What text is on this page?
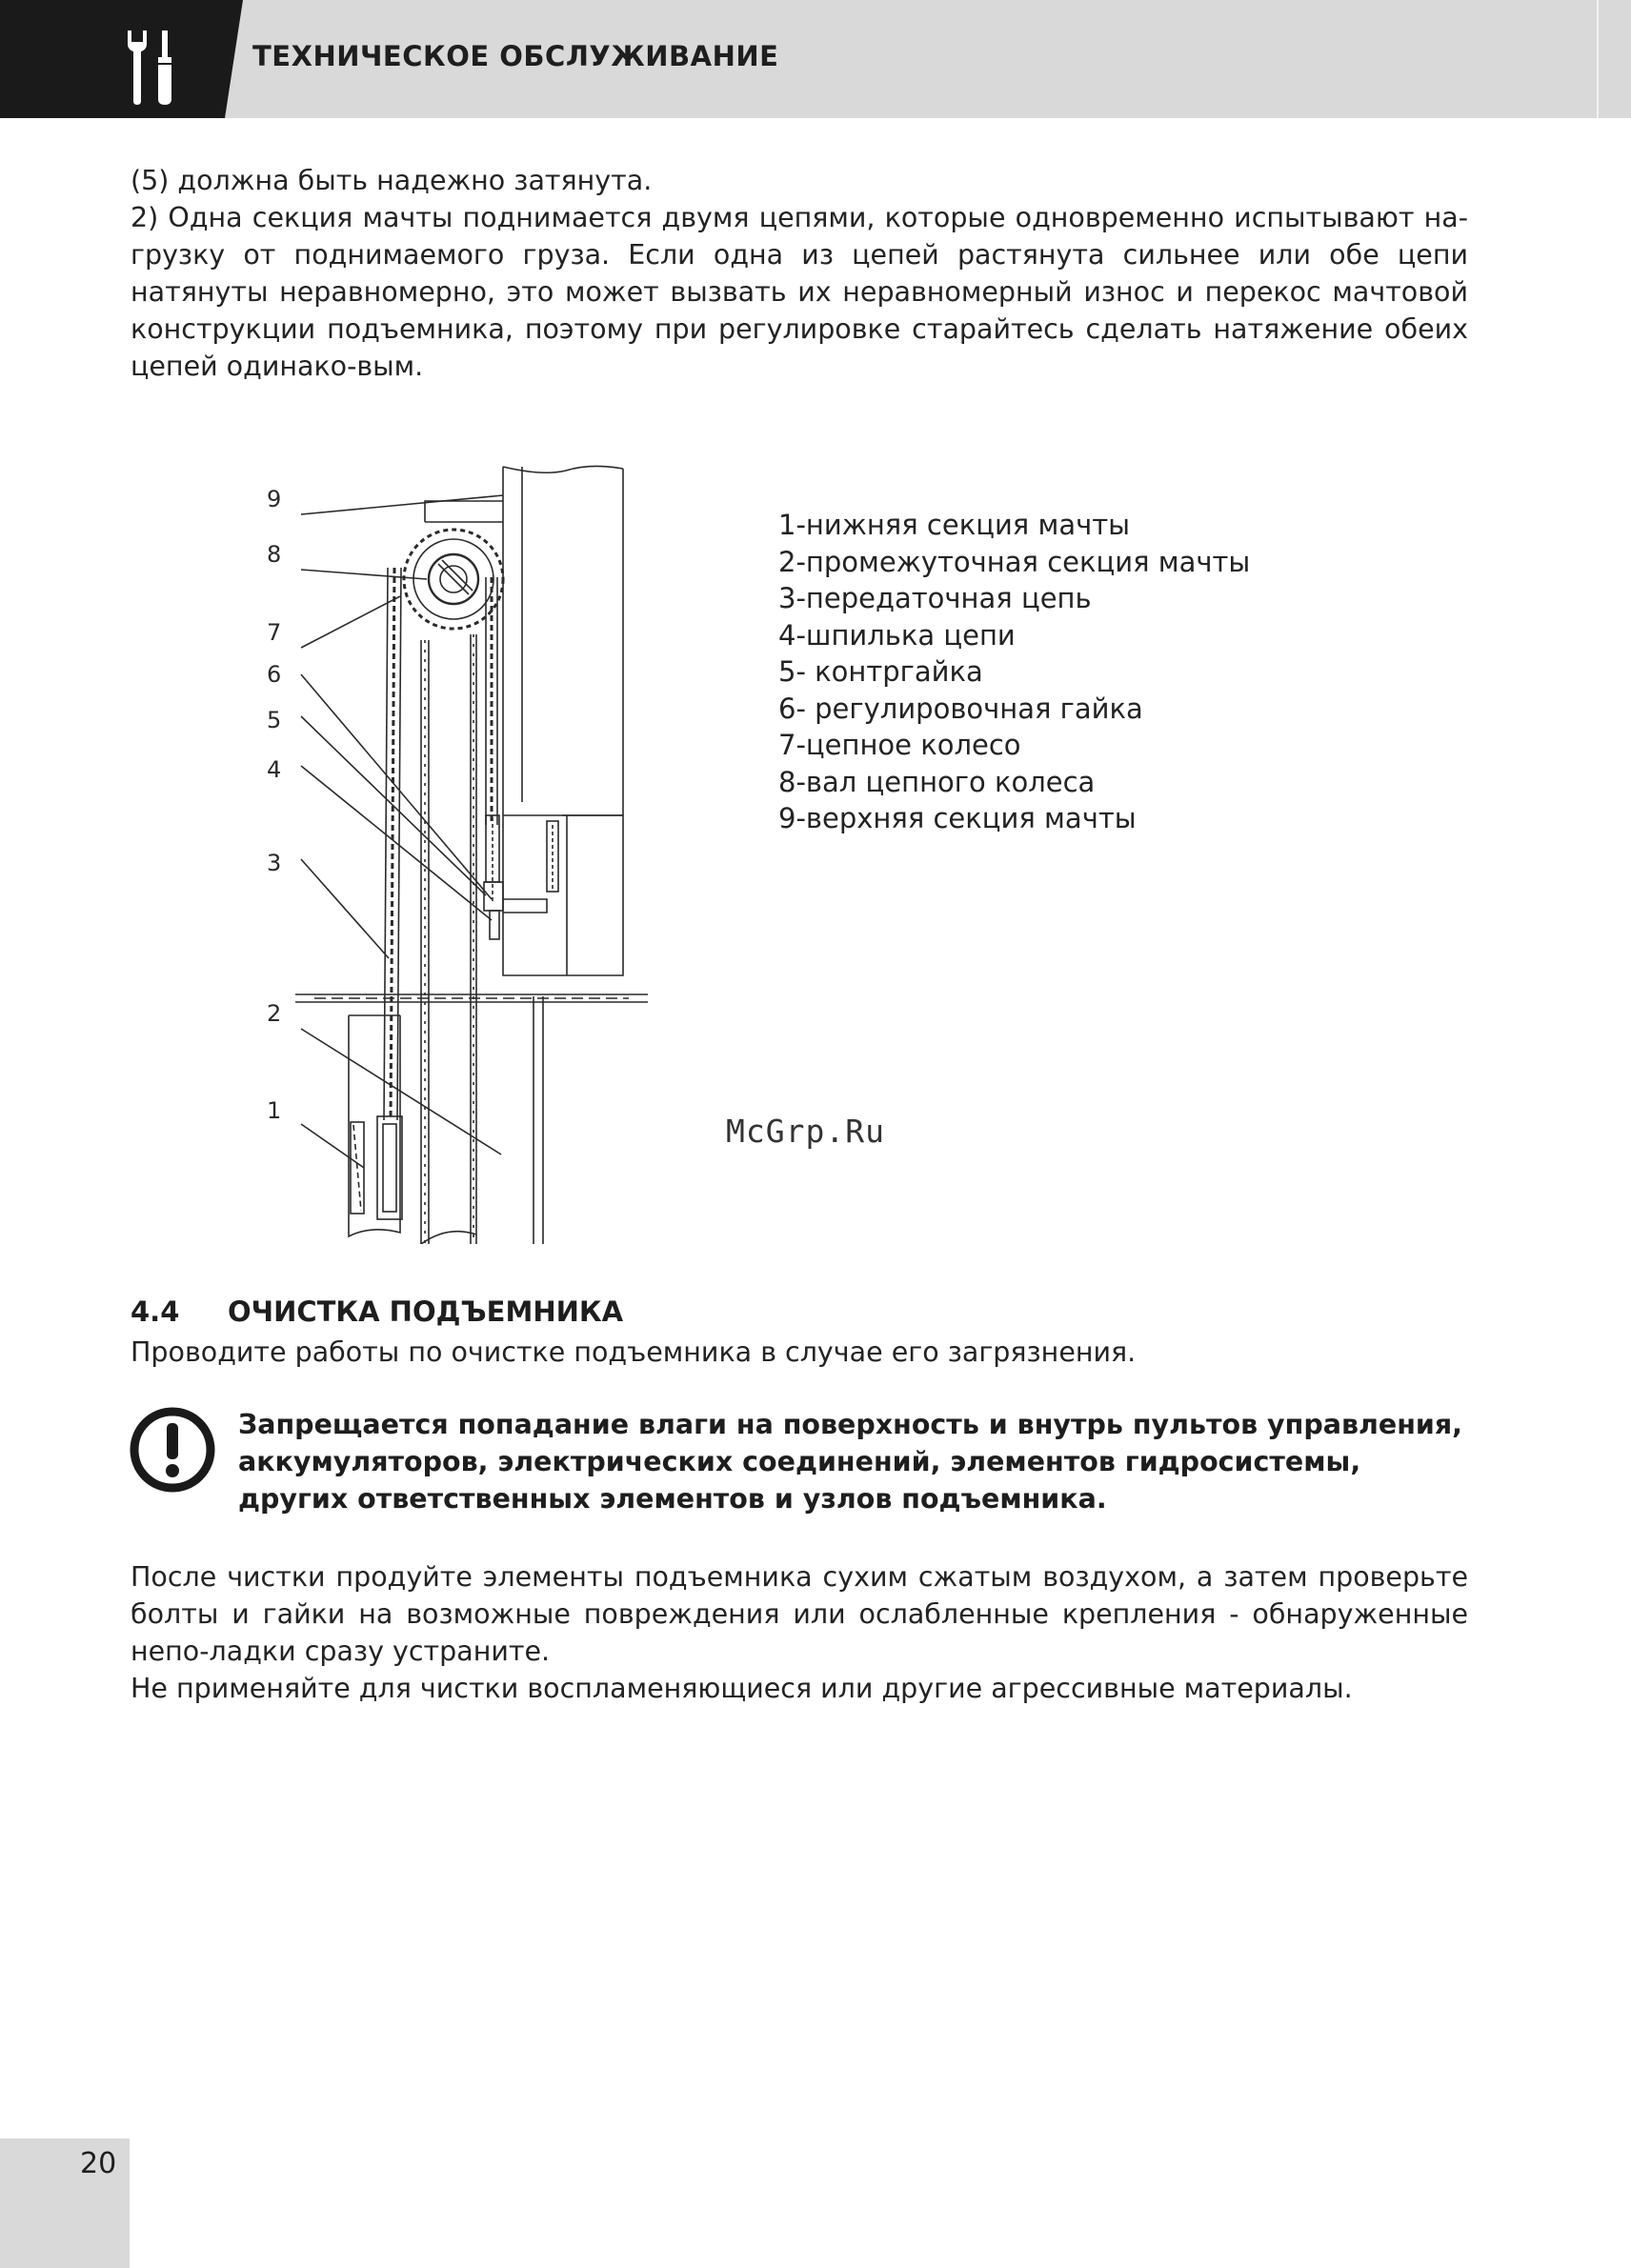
ТЕХНИЧЕСКОЕ ОБСЛУЖИВАНИЕ

(5) должна быть надежно затянута.

2) Одна секция мачты поднимается двумя цепями, которые одновременно испытывают на-грузку от поднимаемого груза. Если одна из цепей растянута сильнее или обе цепи натянуты неравномерно, это может вызвать их неравномерный износ и перекос мачтовой конструкции подъемника, поэтому при регулировке старайтесь сделать натяжение обеих цепей одинако-вым.

9
8
7
6
5
4
3
2
1
1-нижняя секция мачты
2-промежуточная секция мачты
3-передаточная цепь
4-шпилька цепи
5- контргайка
6- регулировочная гайка
7-цепное колесо
8-вал цепного колеса
9-верхняя секция мачты
McGrp.Ru
4.4 ОЧИСТКА ПОДЪЕМНИКА

Проводите работы по очистке подъемника в случае его загрязнения.

Запрещается попадание влаги на поверхность и внутрь пультов управления, аккумуляторов, электрических соединений, элементов гидросистемы, других ответственных элементов и узлов подъемника.

После чистки продуйте элементы подъемника сухим сжатым воздухом, а затем проверьте болты и гайки на возможные повреждения или ослабленные крепления - обнаруженные непо-ладки сразу устраните.

Не применяйте для чистки воспламеняющиеся или другие агрессивные материалы.

20
